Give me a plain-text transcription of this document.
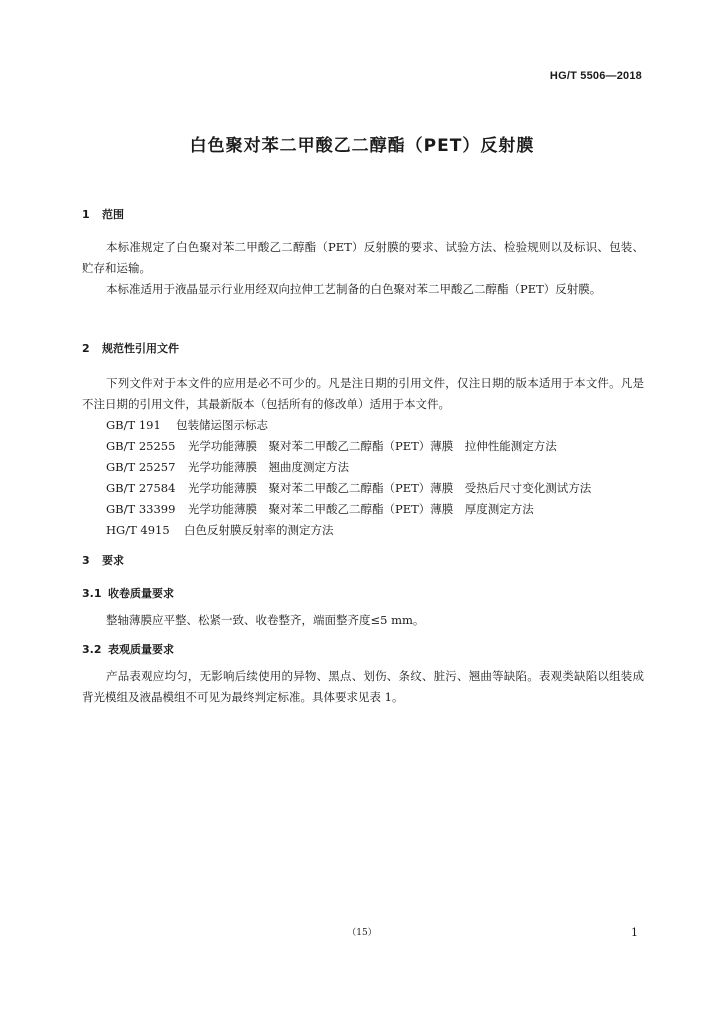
HG/T 5506—2018
白色聚对苯二甲酸乙二醇酯（PET）反射膜
1 范围

本标准规定了白色聚对苯二甲酸乙二醇酯（PET）反射膜的要求、试验方法、检验规则以及标识、包装、贮存和运输。

本标准适用于液晶显示行业用经双向拉伸工艺制备的白色聚对苯二甲酸乙二醇酯（PET）反射膜。

2 规范性引用文件

下列文件对于本文件的应用是必不可少的。凡是注日期的引用文件，仅注日期的版本适用于本文件。凡是不注日期的引用文件，其最新版本（包括所有的修改单）适用于本文件。

GB/T 191 包装储运图示标志
GB/T 25255 光学功能薄膜　聚对苯二甲酸乙二醇酯（PET）薄膜　拉伸性能测定方法
GB/T 25257 光学功能薄膜　翘曲度测定方法
GB/T 27584 光学功能薄膜　聚对苯二甲酸乙二醇酯（PET）薄膜　受热后尺寸变化测试方法
GB/T 33399 光学功能薄膜　聚对苯二甲酸乙二醇酯（PET）薄膜　厚度测定方法
HG/T 4915 白色反射膜反射率的测定方法
3 要求
3.1 收卷质量要求

整轴薄膜应平整、松紧一致、收卷整齐，端面整齐度≤5 mm。

3.2 表观质量要求

产品表观应均匀，无影响后续使用的异物、黑点、划伤、条纹、脏污、翘曲等缺陷。表观类缺陷以组装成背光模组及液晶模组不可见为最终判定标准。具体要求见表 1。

（15）	1
